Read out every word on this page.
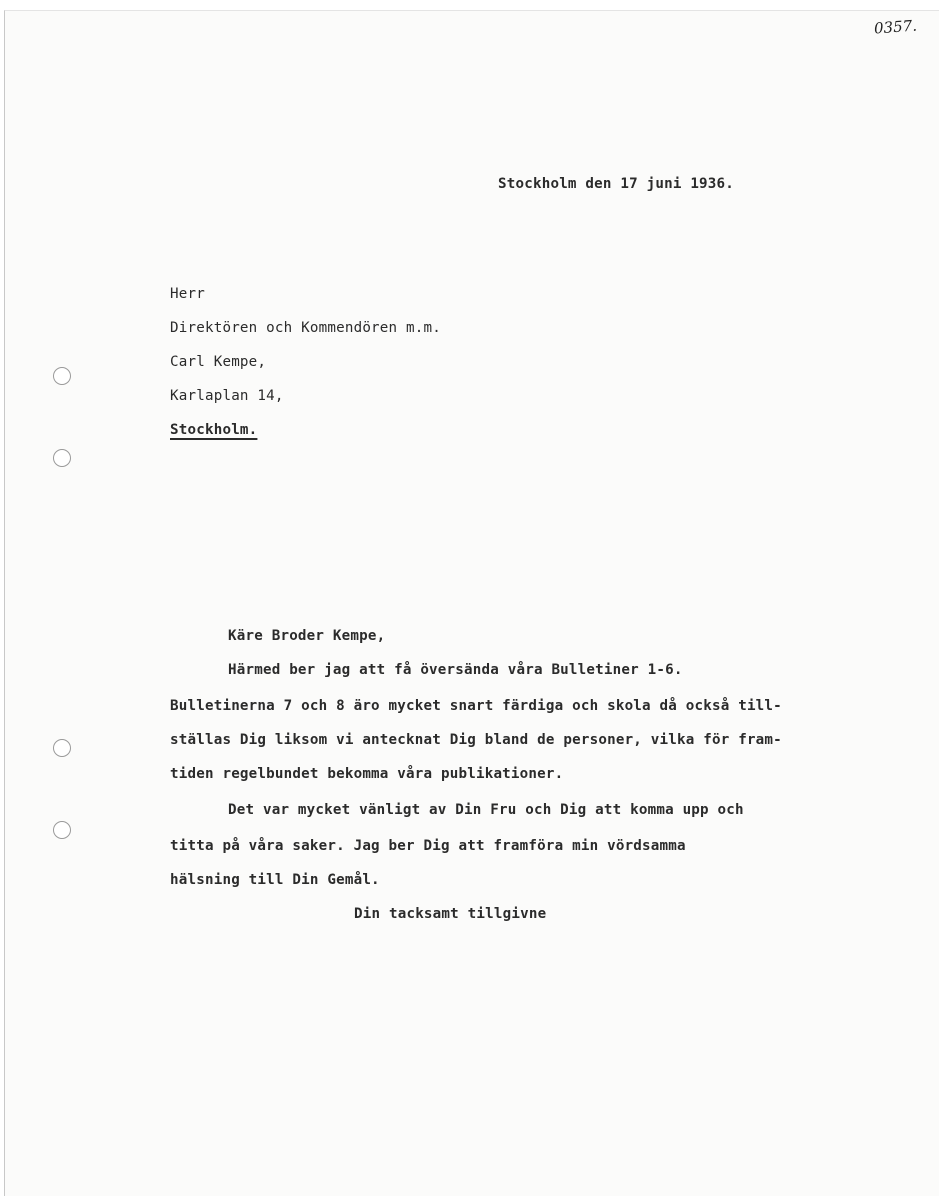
0357.

Stockholm den 17 juni 1936.

Herr

Direktören och Kommendören m.m.

Carl Kempe,

Karlaplan 14,

Stockholm.

Käre Broder Kempe,

Härmed ber jag att få översända våra Bulletiner 1-6.

Bulletinerna 7 och 8 äro mycket snart färdiga och skola då också till-

ställas Dig liksom vi antecknat Dig bland de personer, vilka för fram-

tiden regelbundet bekomma våra publikationer.

Det var mycket vänligt av Din Fru och Dig att komma upp och

titta på våra saker. Jag ber Dig att framföra min vördsamma

hälsning till Din Gemål.

Din tacksamt tillgivne
